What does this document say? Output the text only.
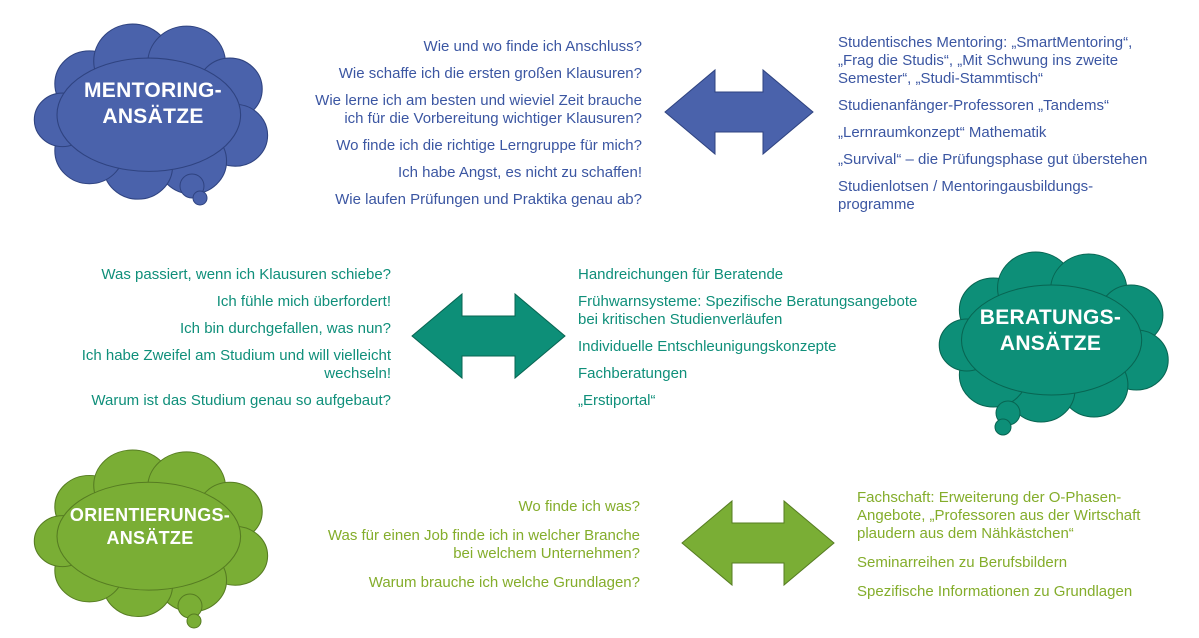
MENTORING-
ANSÄTZE
BERATUNGS-
ANSÄTZE
ORIENTIERUNGS-
ANSÄTZE
Wie und wo finde ich Anschluss?
Wie schaffe ich die ersten großen Klausuren?
Wie lerne ich am besten und wieviel Zeit brauche
ich für die Vorbereitung wichtiger Klausuren?
Wo finde ich die richtige Lerngruppe für mich?
Ich habe Angst, es nicht zu schaffen!
Wie laufen Prüfungen und Praktika genau ab?
Studentisches Mentoring: „SmartMentoring“,
„Frag die Studis“, „Mit Schwung ins zweite
Semester“, „Studi-Stammtisch“
Studienanfänger-Professoren „Tandems“
„Lernraumkonzept“ Mathematik
„Survival“ – die Prüfungsphase gut überstehen
Studienlotsen / Mentoringausbildungs-
programme
Was passiert, wenn ich Klausuren schiebe?
Ich fühle mich überfordert!
Ich bin durchgefallen, was nun?
Ich habe Zweifel am Studium und will vielleicht
wechseln!
Warum ist das Studium genau so aufgebaut?
Handreichungen für Beratende
Frühwarnsysteme: Spezifische Beratungsangebote
bei kritischen Studienverläufen
Individuelle Entschleunigungskonzepte
Fachberatungen
„Erstiportal“
Wo finde ich was?
Was für einen Job finde ich in welcher Branche
bei welchem Unternehmen?
Warum brauche ich welche Grundlagen?
Fachschaft: Erweiterung der O-Phasen-
Angebote, „Professoren aus der Wirtschaft
plaudern aus dem Nähkästchen“
Seminarreihen zu Berufsbildern
Spezifische Informationen zu Grundlagen
